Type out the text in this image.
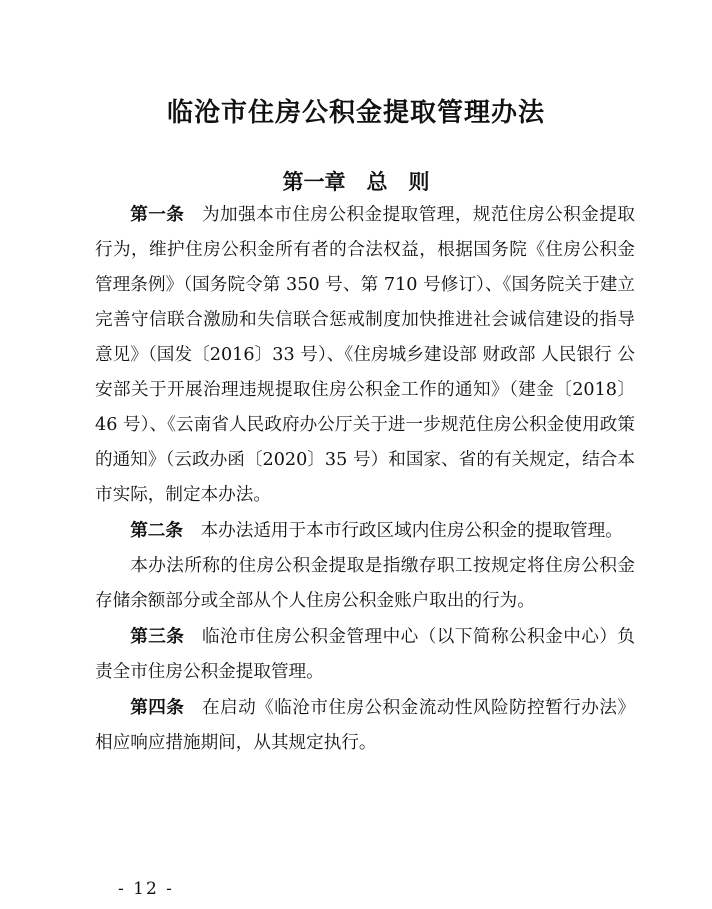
临沧市住房公积金提取管理办法
第一章　总　则

第一条 为加强本市住房公积金提取管理，规范住房公积金提取行为，维护住房公积金所有者的合法权益，根据国务院《住房公积金管理条例》（国务院令第 350 号、第 710 号修订）、《国务院关于建立完善守信联合激励和失信联合惩戒制度加快推进社会诚信建设的指导意见》（国发〔2016〕33 号）、《住房城乡建设部 财政部 人民银行 公安部关于开展治理违规提取住房公积金工作的通知》（建金〔2018〕46 号）、《云南省人民政府办公厅关于进一步规范住房公积金使用政策的通知》（云政办函〔2020〕35 号）和国家、省的有关规定，结合本市实际，制定本办法。

第二条 本办法适用于本市行政区域内住房公积金的提取管理。

本办法所称的住房公积金提取是指缴存职工按规定将住房公积金存储余额部分或全部从个人住房公积金账户取出的行为。

第三条 临沧市住房公积金管理中心（以下简称公积金中心）负责全市住房公积金提取管理。

第四条 在启动《临沧市住房公积金流动性风险防控暂行办法》相应响应措施期间，从其规定执行。

- 12 -
